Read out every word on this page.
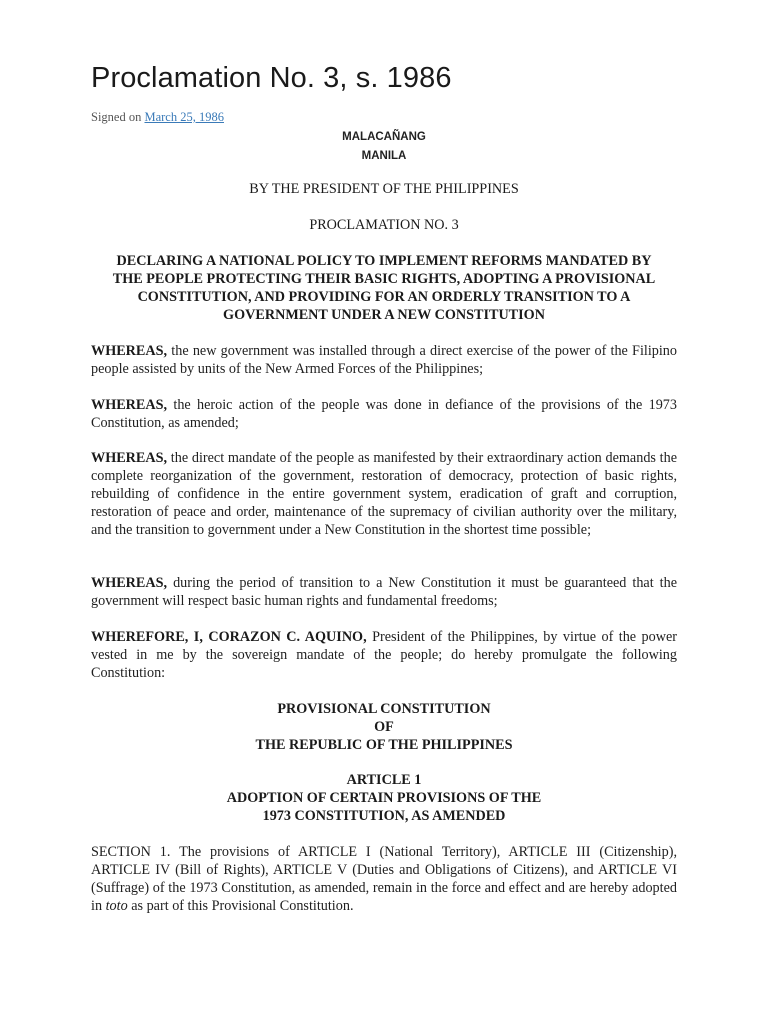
Proclamation No. 3, s. 1986
Signed on March 25, 1986
MALACAÑANG
MANILA
BY THE PRESIDENT OF THE PHILIPPINES
PROCLAMATION NO. 3
DECLARING A NATIONAL POLICY TO IMPLEMENT REFORMS MANDATED BY
THE PEOPLE PROTECTING THEIR BASIC RIGHTS, ADOPTING A PROVISIONAL
CONSTITUTION, AND PROVIDING FOR AN ORDERLY TRANSITION TO A
GOVERNMENT UNDER A NEW CONSTITUTION

WHEREAS, the new government was installed through a direct exercise of the power of the Filipino people assisted by units of the New Armed Forces of the Philippines;

WHEREAS, the heroic action of the people was done in defiance of the provisions of the 1973 Constitution, as amended;

WHEREAS, the direct mandate of the people as manifested by their extraordinary action demands the complete reorganization of the government, restoration of democracy, protection of basic rights, rebuilding of confidence in the entire government system, eradication of graft and corruption, restoration of peace and order, maintenance of the supremacy of civilian authority over the military, and the transition to government under a New Constitution in the shortest time possible;

WHEREAS, during the period of transition to a New Constitution it must be guaranteed that the government will respect basic human rights and fundamental freedoms;

WHEREFORE, I, CORAZON C. AQUINO, President of the Philippines, by virtue of the power vested in me by the sovereign mandate of the people; do hereby promulgate the following Constitution:

PROVISIONAL CONSTITUTION
OF
THE REPUBLIC OF THE PHILIPPINES
ARTICLE 1
ADOPTION OF CERTAIN PROVISIONS OF THE
1973 CONSTITUTION, AS AMENDED

SECTION 1. The provisions of ARTICLE I (National Territory), ARTICLE III (Citizenship), ARTICLE IV (Bill of Rights), ARTICLE V (Duties and Obligations of Citizens), and ARTICLE VI (Suffrage) of the 1973 Constitution, as amended, remain in the force and effect and are hereby adopted in toto as part of this Provisional Constitution.
